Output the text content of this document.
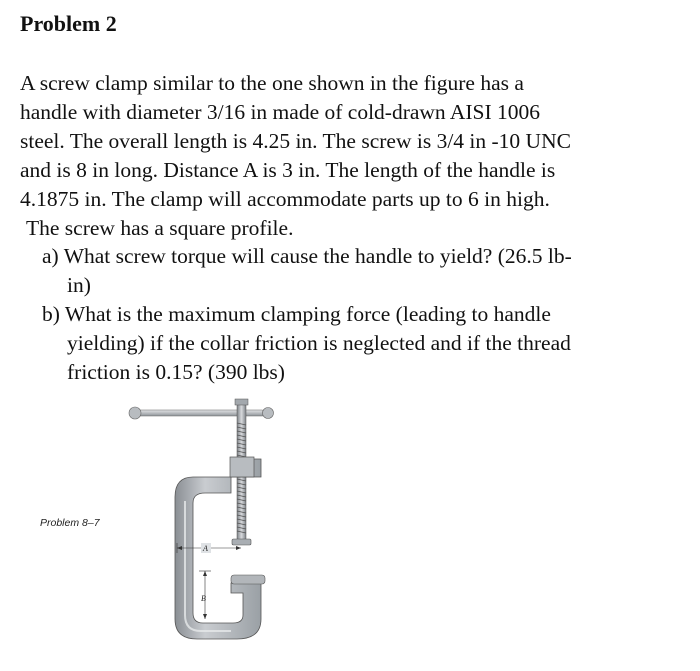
Problem 2
A screw clamp similar to the one shown in the figure has a
handle with diameter 3/16 in made of cold-drawn AISI 1006
steel. The overall length is 4.25 in. The screw is 3/4 in -10 UNC
and is 8 in long. Distance A is 3 in. The length of the handle is
4.1875 in. The clamp will accommodate parts up to 6 in high.
The screw has a square profile.
a) What screw torque will cause the handle to yield? (26.5 lb-
in)
b) What is the maximum clamping force (leading to handle
yielding) if the collar friction is neglected and if the thread
friction is 0.15? (390 lbs)
Problem 8–7
A
B
